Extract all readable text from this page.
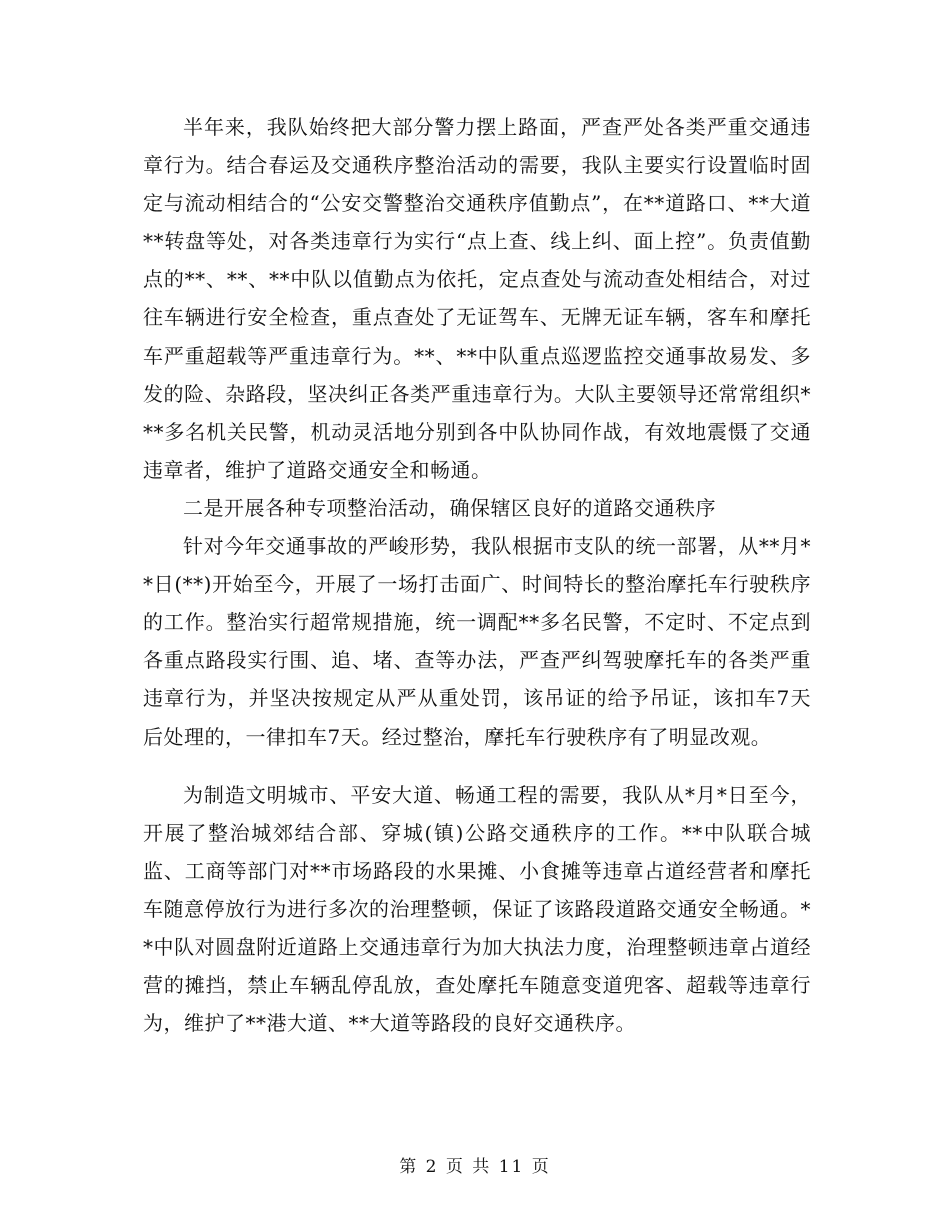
半年来，我队始终把大部分警力摆上路面，严查严处各类严重交通违章行为。结合春运及交通秩序整治活动的需要，我队主要实行设置临时固定与流动相结合的“公安交警整治交通秩序值勤点”，在**道路口、**大道**转盘等处，对各类违章行为实行“点上查、线上纠、面上控”。负责值勤点的**、**、**中队以值勤点为依托，定点查处与流动查处相结合，对过往车辆进行安全检查，重点查处了无证驾车、无牌无证车辆，客车和摩托车严重超载等严重违章行为。**、**中队重点巡逻监控交通事故易发、多发的险、杂路段，坚决纠正各类严重违章行为。大队主要领导还常常组织***多名机关民警，机动灵活地分别到各中队协同作战，有效地震慑了交通违章者，维护了道路交通安全和畅通。

二是开展各种专项整治活动，确保辖区良好的道路交通秩序

针对今年交通事故的严峻形势，我队根据市支队的统一部署，从**月**日(**)开始至今，开展了一场打击面广、时间特长的整治摩托车行驶秩序的工作。整治实行超常规措施，统一调配**多名民警，不定时、不定点到各重点路段实行围、追、堵、查等办法，严查严纠驾驶摩托车的各类严重违章行为，并坚决按规定从严从重处罚，该吊证的给予吊证，该扣车7天后处理的，一律扣车7天。经过整治，摩托车行驶秩序有了明显改观。

为制造文明城市、平安大道、畅通工程的需要，我队从*月*日至今，开展了整治城郊结合部、穿城(镇)公路交通秩序的工作。**中队联合城监、工商等部门对**市场路段的水果摊、小食摊等违章占道经营者和摩托车随意停放行为进行多次的治理整顿，保证了该路段道路交通安全畅通。**中队对圆盘附近道路上交通违章行为加大执法力度，治理整顿违章占道经营的摊挡，禁止车辆乱停乱放，查处摩托车随意变道兜客、超载等违章行为，维护了**港大道、**大道等路段的良好交通秩序。

第 2 页 共 11 页
